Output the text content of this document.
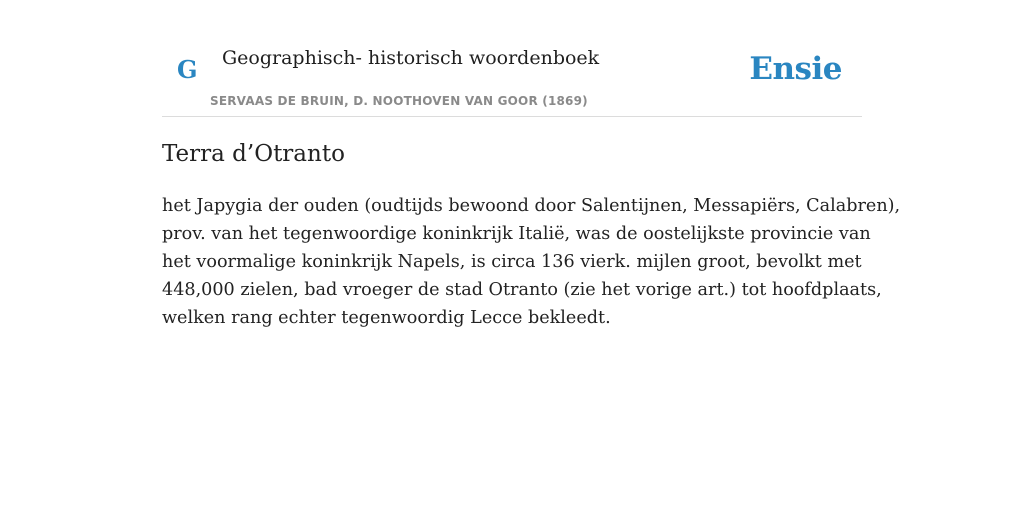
G Geographisch- historisch woordenboek
SERVAAS DE BRUIN, D. NOOTHOVEN VAN GOOR (1869)
Ensie
Terra d’Otranto

het Japygia der ouden (oudtijds bewoond door Salentijnen, Messapiërs, Calabren),
prov. van het tegenwoordige koninkrijk Italië, was de oostelijkste provincie van
het voormalige koninkrijk Napels, is circa 136 vierk. mijlen groot, bevolkt met
448,000 zielen, bad vroeger de stad Otranto (zie het vorige art.) tot hoofdplaats,
welken rang echter tegenwoordig Lecce bekleedt.
